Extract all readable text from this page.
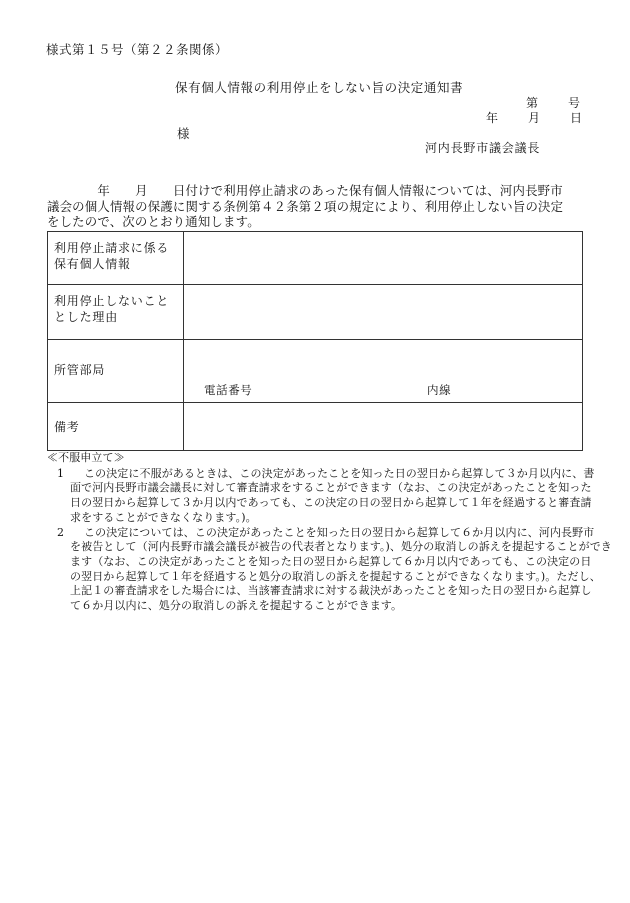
様式第１５号（第２２条関係）
保有個人情報の利用停止をしない旨の決定通知書
第	号
年	月	日
様
河内長野市議会議長

　　　　年　　月　　日付けで利用停止請求のあった保有個人情報については、河内長野市

議会の個人情報の保護に関する条例第４２条第２項の規定により、利用停止しない旨の決定

をしたので、次のとおり通知します。

利用停止請求に係る
保有個人情報	

利用停止しないこと
とした理由	

所管部局	電話番号 内線

備考	

≪不服申立て≫
1 この決定に不服があるときは、この決定があったことを知った日の翌日から起算して３か月以内に、書
面で河内長野市議会議長に対して審査請求をすることができます（なお、この決定があったことを知った
日の翌日から起算して３か月以内であっても、この決定の日の翌日から起算して１年を経過すると審査請
求をすることができなくなります。)。
2 この決定については、この決定があったことを知った日の翌日から起算して６か月以内に、河内長野市
を被告として（河内長野市議会議長が被告の代表者となります。)、処分の取消しの訴えを提起することができ
ます（なお、この決定があったことを知った日の翌日から起算して６か月以内であっても、この決定の日
の翌日から起算して１年を経過すると処分の取消しの訴えを提起することができなくなります。)。ただし、
上記１の審査請求をした場合には、当該審査請求に対する裁決があったことを知った日の翌日から起算し
て６か月以内に、処分の取消しの訴えを提起することができます。
